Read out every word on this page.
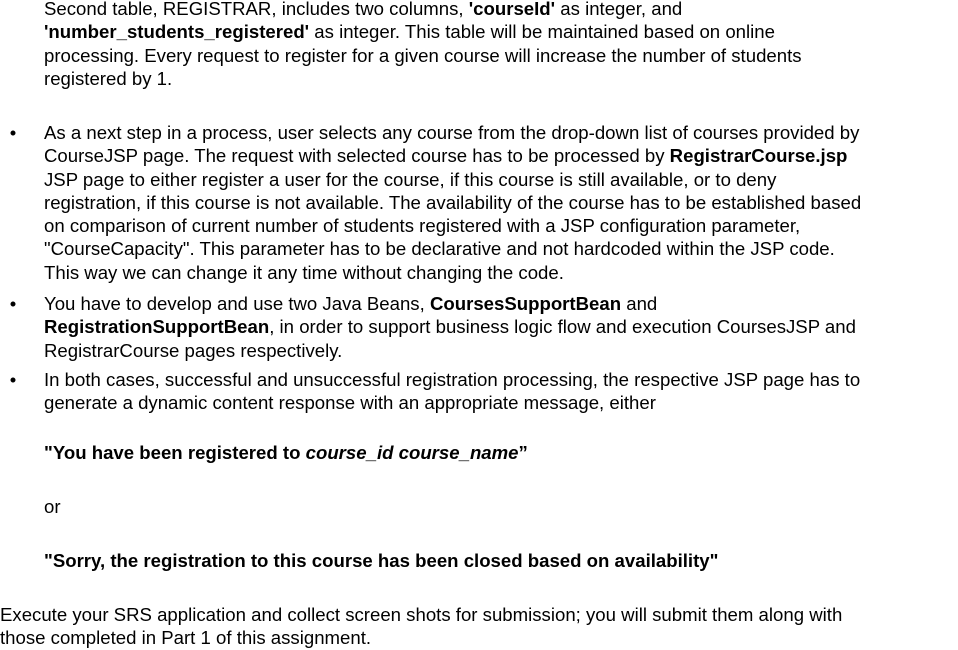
Second table, REGISTRAR, includes two columns, 'courseId' as integer, and
'number_students_registered' as integer. This table will be maintained based on online
processing. Every request to register for a given course will increase the number of students
registered by 1.

• As a next step in a process, user selects any course from the drop-down list of courses provided by
CourseJSP page. The request with selected course has to be processed by RegistrarCourse.jsp
JSP page to either register a user for the course, if this course is still available, or to deny
registration, if this course is not available. The availability of the course has to be established based
on comparison of current number of students registered with a JSP configuration parameter,
"CourseCapacity". This parameter has to be declarative and not hardcoded within the JSP code.
This way we can change it any time without changing the code.
• You have to develop and use two Java Beans, CoursesSupportBean and
RegistrationSupportBean, in order to support business logic flow and execution CoursesJSP and
RegistrarCourse pages respectively.
• In both cases, successful and unsuccessful registration processing, the respective JSP page has to
generate a dynamic content response with an appropriate message, either

"You have been registered to course_id course_name”

or

"Sorry, the registration to this course has been closed based on availability"

Execute your SRS application and collect screen shots for submission; you will submit them along with
those completed in Part 1 of this assignment.
